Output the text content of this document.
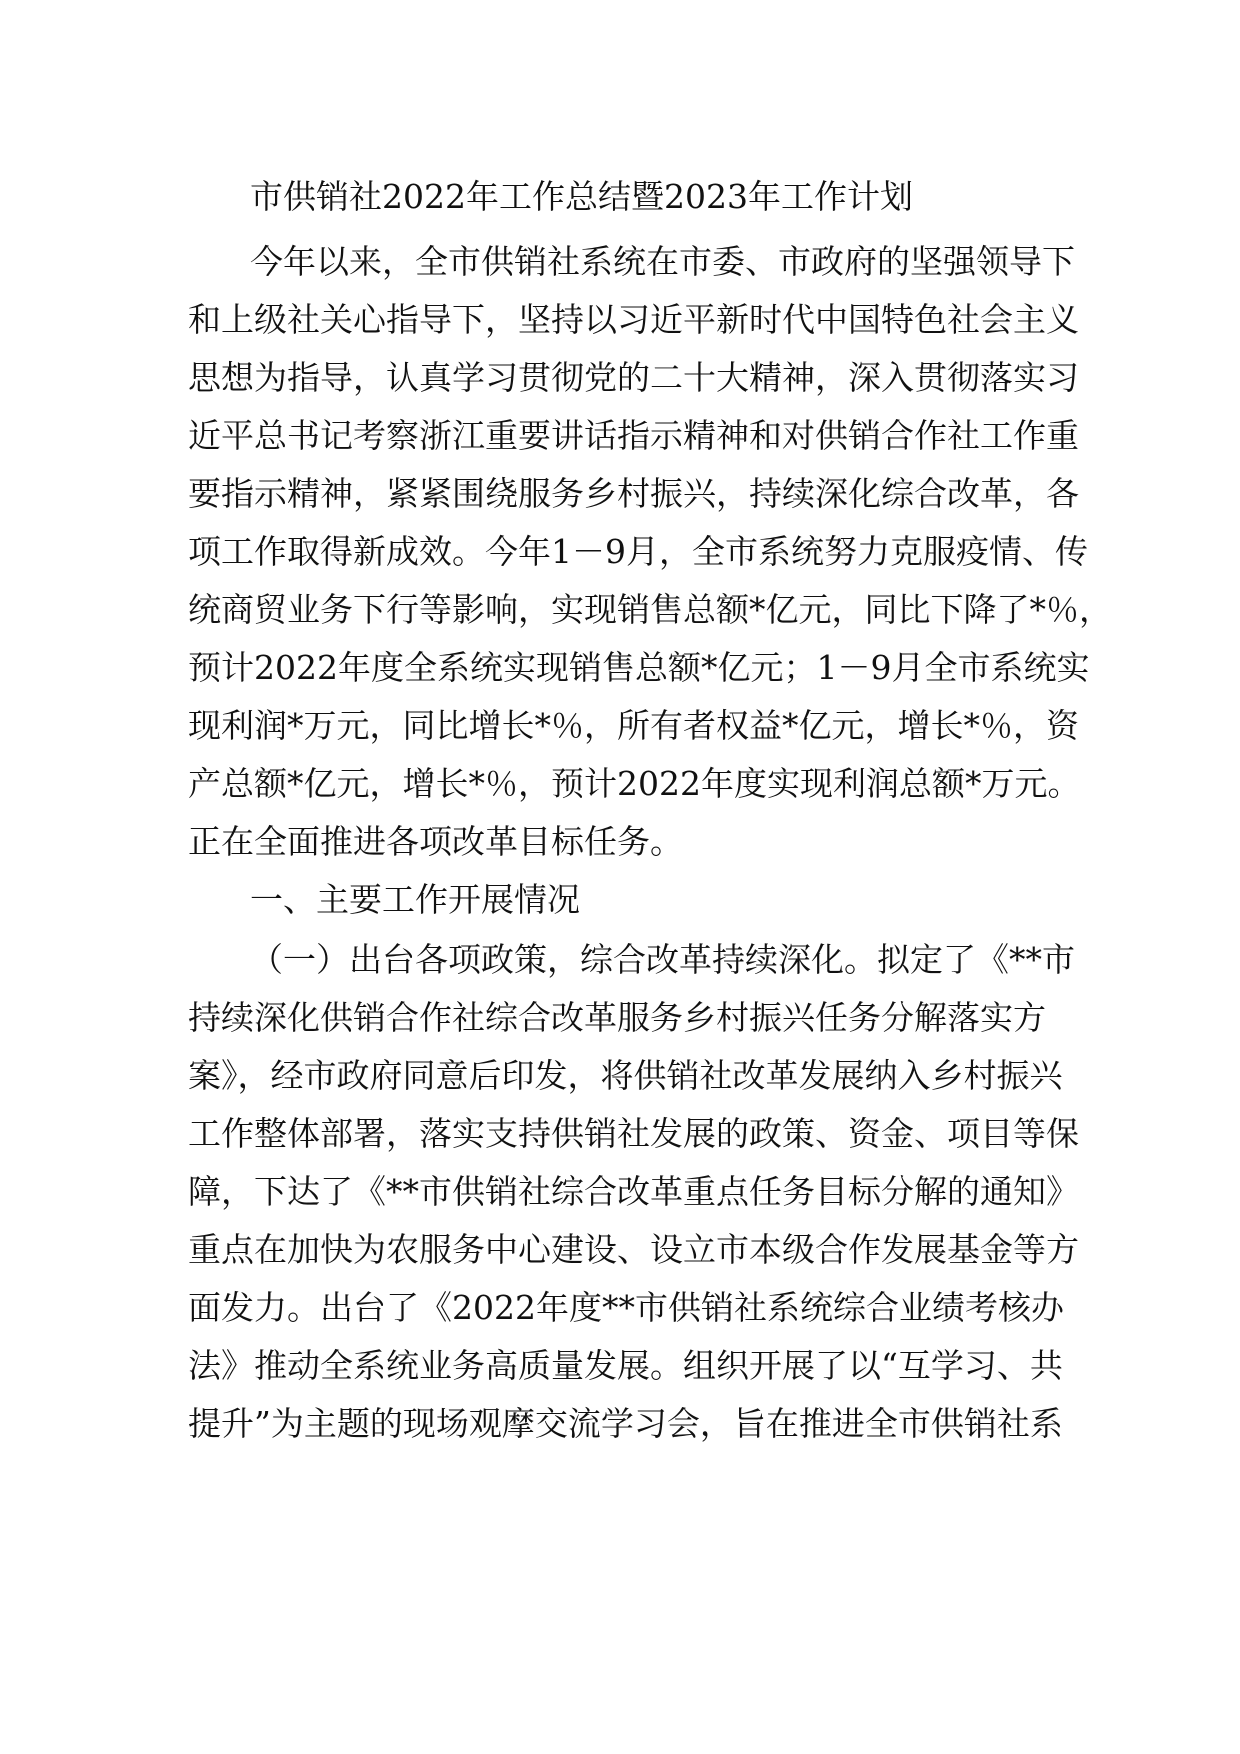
市供销社2022年工作总结暨2023年工作计划
今年以来，全市供销社系统在市委、市政府的坚强领导下
和上级社关心指导下，坚持以习近平新时代中国特色社会主义
思想为指导，认真学习贯彻党的二十大精神，深入贯彻落实习
近平总书记考察浙江重要讲话指示精神和对供销合作社工作重
要指示精神，紧紧围绕服务乡村振兴，持续深化综合改革，各
项工作取得新成效。今年1－9月，全市系统努力克服疫情、传
统商贸业务下行等影响，实现销售总额*亿元，同比下降了*％，
预计2022年度全系统实现销售总额*亿元；1－9月全市系统实
现利润*万元，同比增长*％，所有者权益*亿元，增长*％，资
产总额*亿元，增长*％，预计2022年度实现利润总额*万元。
正在全面推进各项改革目标任务。
一、主要工作开展情况
（一）出台各项政策，综合改革持续深化。拟定了《**市
持续深化供销合作社综合改革服务乡村振兴任务分解落实方
案》，经市政府同意后印发，将供销社改革发展纳入乡村振兴
工作整体部署，落实支持供销社发展的政策、资金、项目等保
障，下达了《**市供销社综合改革重点任务目标分解的通知》
重点在加快为农服务中心建设、设立市本级合作发展基金等方
面发力。出台了《2022年度**市供销社系统综合业绩考核办
法》推动全系统业务高质量发展。组织开展了以“互学习、共
提升”为主题的现场观摩交流学习会，旨在推进全市供销社系
